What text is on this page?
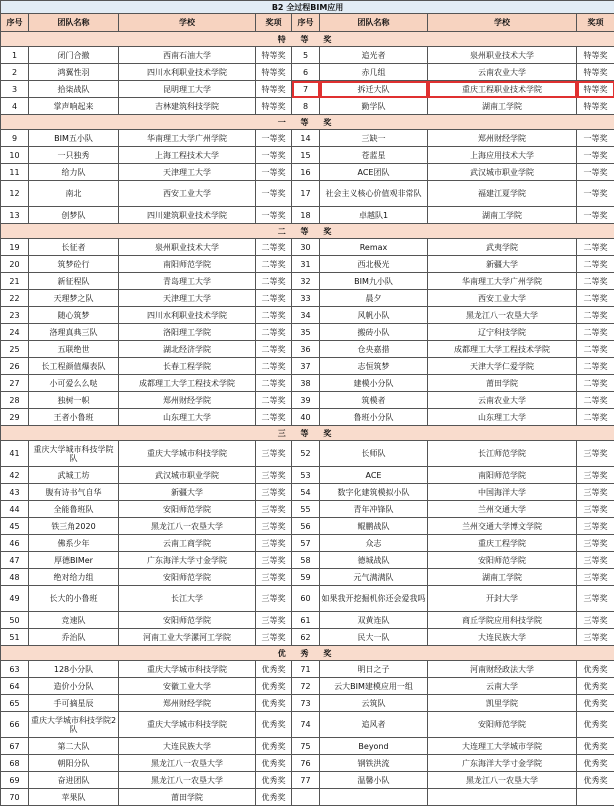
B2 全过程BIM应用							
序号	团队名称	学校	奖项	序号	团队名称	学校	奖项
特 等 奖							
1	闭门合撤	西南石油大学	特等奖	5	追光者	泉州职业技术大学	特等奖
2	鸿翼性羽	四川水利职业技术学院	特等奖	6	赤几组	云南农业大学	特等奖
3	拾柒战队	昆明理工大学	特等奖	7	拆迁大队	重庆工程职业技术学院	特等奖
4	掌声响起来	吉林建筑科技学院	特等奖	8	勤学队	湖南工学院	特等奖
一 等 奖							
9	BIM五小队	华南理工大学广州学院	一等奖	14	三缺一	郑州财经学院	一等奖
10	一只独秀	上海工程技术大学	一等奖	15	苍蓝星	上海应用技术大学	一等奖
11	给力队	天津理工大学	一等奖	16	ACE团队	武汉城市职业学院	一等奖
12	南北	西安工业大学	一等奖	17	社会主义核心价值观非常队	福建江夏学院	一等奖
13	创梦队	四川建筑职业技术学院	一等奖	18	卓越队1	湖南工学院	一等奖
二 等 奖							
19	长征者	泉州职业技术大学	二等奖	30	Remax	武夷学院	二等奖
20	筑梦砼行	南阳师范学院	二等奖	31	西北极光	新疆大学	二等奖
21	新征程队	青岛理工大学	二等奖	32	BIM九小队	华南理工大学广州学院	二等奖
22	天理梦之队	天津理工大学	二等奖	33	晨夕	西安工业大学	二等奖
23	随心筑梦	四川水利职业技术学院	二等奖	34	风帆小队	黑龙江八一农垦大学	二等奖
24	洛理真典三队	洛阳理工学院	二等奖	35	搬砖小队	辽宁科技学院	二等奖
25	五联绝世	湖北经济学院	二等奖	36	仓央嘉措	成都理工大学工程技术学院	二等奖
26	长工程颜值爆表队	长春工程学院	二等奖	37	志恒筑梦	天津大学仁爱学院	二等奖
27	小可爱么么哒	成都理工大学工程技术学院	二等奖	38	建模小分队	莆田学院	二等奖
28	独树一帜	郑州财经学院	二等奖	39	筑模者	云南农业大学	二等奖
29	王者小鲁班	山东理工大学	二等奖	40	鲁班小分队	山东理工大学	二等奖
三 等 奖							
41	重庆大学城市科技学院队	重庆大学城市科技学院	三等奖	52	长师队	长江师范学院	三等奖
42	武城工坊	武汉城市职业学院	三等奖	53	ACE	南阳师范学院	三等奖
43	腹有诗书气自华	新疆大学	三等奖	54	数字化建筑模拟小队	中国海洋大学	三等奖
44	全能鲁班队	安阳师范学院	三等奖	55	青年冲锋队	兰州交通大学	三等奖
45	铁三角2020	黑龙江八一农垦大学	三等奖	56	鲲鹏战队	兰州交通大学博文学院	三等奖
46	佛系少年	云南工商学院	三等奖	57	众志	重庆工程学院	三等奖
47	厚德BIMer	广东海洋大学寸金学院	三等奖	58	德城战队	安阳师范学院	三等奖
48	绝对给力组	安阳师范学院	三等奖	59	元气满满队	湖南工学院	三等奖
49	长大的小鲁班	长江大学	三等奖	60	如果我开挖掘机你还会爱我吗	开封大学	三等奖
50	竞速队	安阳师范学院	三等奖	61	双黄连队	商丘学院应用科技学院	三等奖
51	乔治队	河南工业大学漯河工学院	三等奖	62	民大一队	大连民族大学	三等奖
优 秀 奖							
63	128小分队	重庆大学城市科技学院	优秀奖	71	明日之子	河南财经政法大学	优秀奖
64	造价小分队	安徽工业大学	优秀奖	72	云大BIM建模应用一组	云南大学	优秀奖
65	手可摘星辰	郑州财经学院	优秀奖	73	云筑队	凯里学院	优秀奖
66	重庆大学城市科技学院2队	重庆大学城市科技学院	优秀奖	74	追风者	安阳师范学院	优秀奖
67	第二大队	大连民族大学	优秀奖	75	Beyond	大连理工大学城市学院	优秀奖
68	朝阳分队	黑龙江八一农垦大学	优秀奖	76	钢铁洪流	广东海洋大学寸金学院	优秀奖
69	奋进团队	黑龙江八一农垦大学	优秀奖	77	温馨小队	黑龙江八一农垦大学	优秀奖
70	苹果队	莆田学院	优秀奖				
